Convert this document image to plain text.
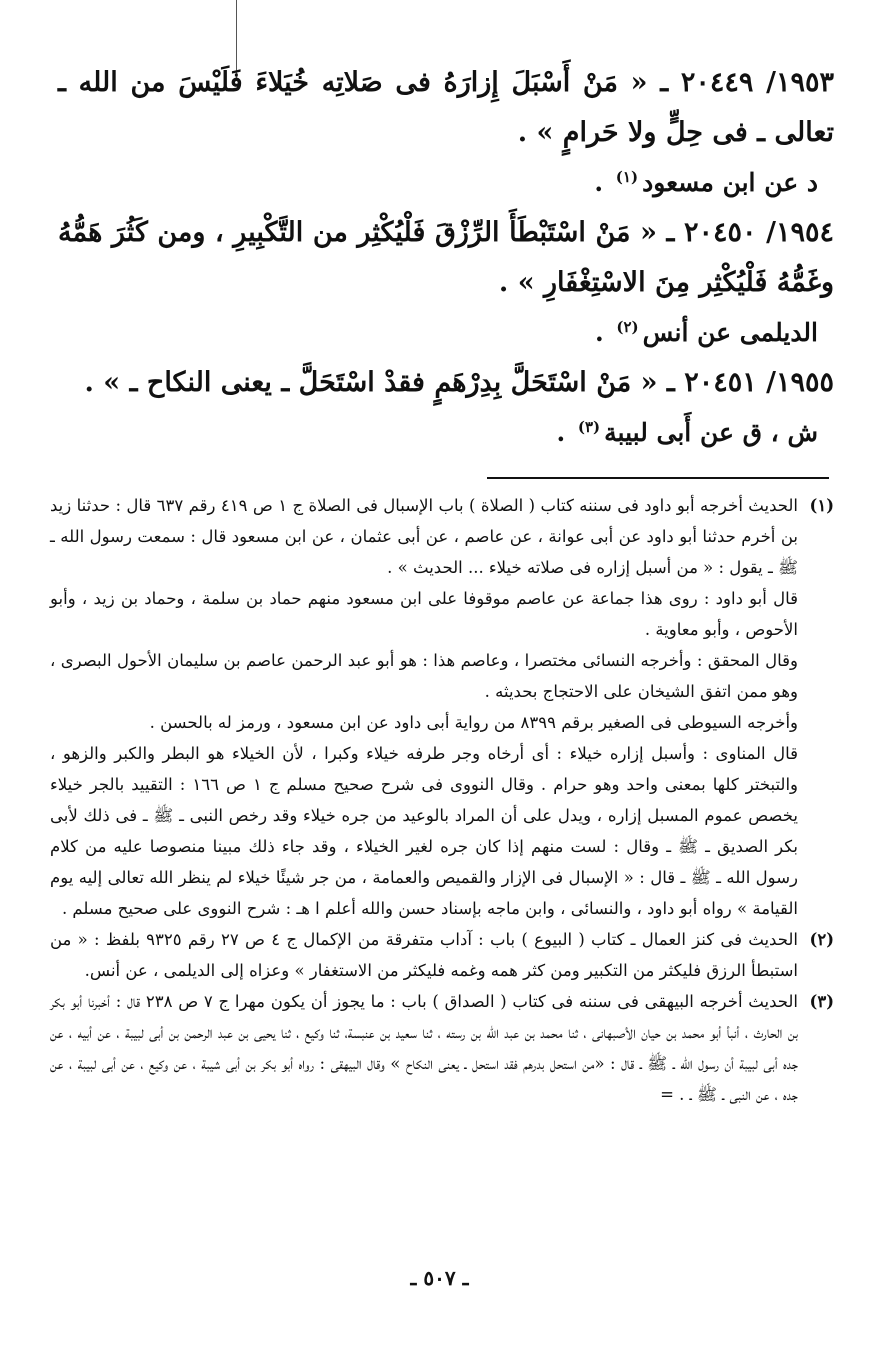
١٩٥٣/ ٢٠٤٤٩ ـ « مَنْ أَسْبَلَ إِزارَهُ فى صَلاتِه خُيَلاءَ فَلَيْسَ من الله ـ تعالى ـ فى حِلٍّ ولا حَرامٍ » .

د عن ابن مسعود$^{(١)}$ .

١٩٥٤/ ٢٠٤٥٠ ـ « مَنْ اسْتَبْطَأَ الرِّزْقَ فَلْيُكْثِر من التَّكْبِيرِ ، ومن كَثُرَ هَمُّهُ وغَمُّهُ فَلْيُكْثِر مِنَ الاسْتِغْفَارِ » .

الديلمى عن أنس$^{(٢)}$ .

١٩٥٥/ ٢٠٤٥١ ـ « مَنْ اسْتَحَلَّ بِدِرْهَمٍ فقدْ اسْتَحَلَّ ـ يعنى النكاح ـ » .

ش ، ق عن أَبى لبيبة$^{(٣)}$ .

(١)

الحديث أخرجه أبو داود فى سننه كتاب ( الصلاة ) باب الإسبال فى الصلاة ج ١ ص ٤١٩ رقم ٦٣٧ قال : حدثنا زيد بن أخرم حدثنا أبو داود عن أبى عوانة ، عن عاصم ، عن أبى عثمان ، عن ابن مسعود قال : سمعت رسول الله ـ ﷺ ـ يقول : « من أسبل إزاره فى صلاته خيلاء ... الحديث » .

قال أبو داود : روى هذا جماعة عن عاصم موقوفا على ابن مسعود منهم حماد بن سلمة ، وحماد بن زيد ، وأبو الأحوص ، وأبو معاوية .

وقال المحقق : وأخرجه النسائى مختصرا ، وعاصم هذا : هو أبو عبد الرحمن عاصم بن سليمان الأحول البصرى ، وهو ممن اتفق الشيخان على الاحتجاج بحديثه .

وأخرجه السيوطى فى الصغير برقم ٨٣٩٩ من رواية أبى داود عن ابن مسعود ، ورمز له بالحسن .

قال المناوى : وأسبل إزاره خيلاء : أى أرخاه وجر طرفه خيلاء وكبرا ، لأن الخيلاء هو البطر والكبر والزهو ، والتبختر كلها بمعنى واحد وهو حرام . وقال النووى فى شرح صحيح مسلم ج ١ ص ١٦٦ : التقييد بالجر خيلاء يخصص عموم المسبل إزاره ، ويدل على أن المراد بالوعيد من جره خيلاء وقد رخص النبى ـ ﷺ ـ فى ذلك لأبى بكر الصديق ـ ﷺ ـ وقال : لست منهم إذا كان جره لغير الخيلاء ، وقد جاء ذلك مبينا منصوصا عليه من كلام رسول الله ـ ﷺ ـ قال : « الإسبال فى الإزار والقميص والعمامة ، من جر شيئًا خيلاء لم ينظر الله تعالى إليه يوم القيامة » رواه أبو داود ، والنسائى ، وابن ماجه بإسناد حسن والله أعلم ا هـ : شرح النووى على صحيح مسلم .

(٢)

الحديث فى كنز العمال ـ كتاب ( البيوع ) باب : آداب متفرقة من الإكمال ج ٤ ص ٢٧ رقم ٩٣٢٥ بلفظ : « من استبطأ الرزق فليكثر من التكبير ومن كثر همه وغمه فليكثر من الاستغفار » وعزاه إلى الديلمى ، عن أنس.

(٣)

الحديث أخرجه البيهقى فى سننه فى كتاب ( الصداق ) باب : ما يجوز أن يكون مهرا ج ٧ ص ٢٣٨ قال : أخبرنا أبو بكر بن الحارث ، أنبأ أبو محمد بن حيان الأصبهانى ، ثنا محمد بن عبد الله بن رسته ، ثنا سعيد بن عنبسة، ثنا وكيع ، ثنا يحيى بن عبد الرحمن بن أبى لبيبة ، عن أبيه ، عن جده أبى لبيبة أن رسول الله ـ ﷺ ـ قال : «من استحل بدرهم فقد استحل ـ يعنى النكاح » وقال البيهقى : رواه أبو بكر بن أبى شيبة ، عن وكيع ، عن أبى لبيبة ، عن جده ، عن النبى ـ ﷺ ـ . =

ـ ٥٠٧ ـ
